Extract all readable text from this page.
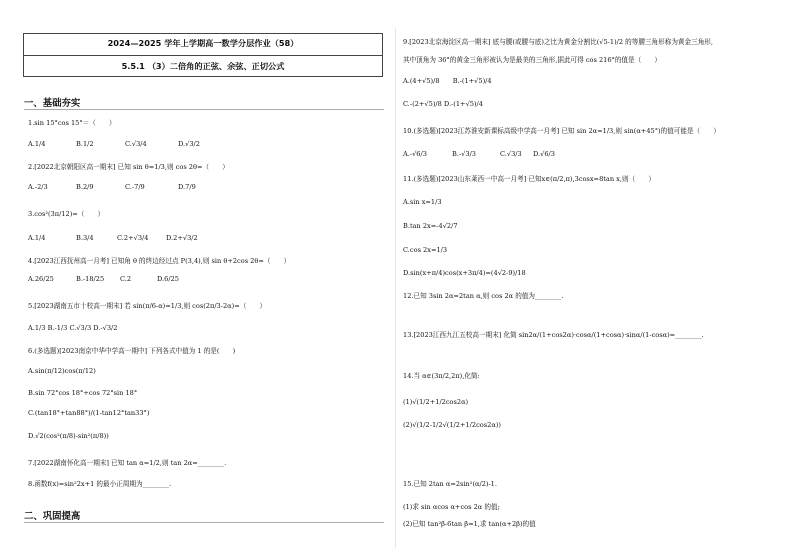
2024—2025 学年上学期高一数学分层作业（58）
5.5.1 （3）二倍角的正弦、余弦、正切公式
一、基础夯实
1.sin 15°cos 15°＝（　　）
A.1/4	B.1/2	C.√3/4	D.√3/2
2.[2022北京朝阳区高一期末] 已知 sin θ=1/3,则 cos 2θ=（　　）
A.-2/3	B.2/9	C.-7/9	D.7/9
3.cos²(3π/12)=（　　）
A.1/4	B.3/4	C.2+√3/4	D.2+√3/2
4.[2023江西抚州高一月考] 已知角 θ 的终边经过点 P(3,4),则 sin θ+2cos 2θ=（　　）
A.26/25	B.-18/25 C.2	D.6/25
5.[2023湖南五市十校高一期末] 若 sin(π/6-α)=1/3,则 cos(2π/3-2α)=（　　）
A.1/3 B.-1/3 C.√3/3 D.-√3/2
6.(多选题)[2023南京中华中学高一期中] 下列各式中值为 1 的是(　　)
A.sin(π/12)cos(π/12)
B.sin 72°cos 18°+cos 72°sin 18°
C.(tan18°+tan88°)/(1-tan12°tan33°)
D.√2(cos²(π/8)-sin²(π/8))
7.[2022湖南怀化高一期末] 已知 tan α=1/2,则 tan 2α=________.
8.函数f(x)=sin²2x+1 的最小正周期为________.
二、巩固提高
9.[2023北京海淀区高一期末] 底与腰(或腰与底)之比为黄金分割比(√5-1)/2 的等腰三角形称为黄金三角形,
其中顶角为 36°的黄金三角形被认为是最美的三角形,据此可得 cos 216°的值是（　　）
A.(4+√5)/8　　B.-(1+√5)/4
C.-(2+√5)/8 D.-(1+√5)/4
10.(多选题)[2023江苏淮安新课标高级中学高一月考] 已知 sin 2α=1/3,则 sin(α+45°)的值可能是（　　）
A.-√6/3	B.-√3/3	C.√3/3 D.√6/3
11.(多选题)[2023山东莱西一中高一月考] 已知x∈(π/2,π),3cosx=8tan x,则（　　）
A.sin x=1/3
B.tan 2x=-4√2/7
C.cos 2x=1/3
D.sin(x+π/4)cos(x+3π/4)=(4√2-9)/18
12.已知 3sin 2α=2tan α,则 cos 2α 的值为________.
13.[2023江西九江五校高一期末] 化简 sin2α/(1+cos2α)·cosα/(1+cosα)·sinα/(1-cosα)=________.
14.当 α∈(3π/2,2π),化简:
(1)√(1/2+1/2cos2α)
(2)√(1/2-1/2√(1/2+1/2cos2α))
15.已知 2tan α=2sin²(α/2)-1.
(1)求 sin αcos α+cos 2α 的值;
(2)已知 tan²β-6tan β=1,求 tan(α+2β)的值
